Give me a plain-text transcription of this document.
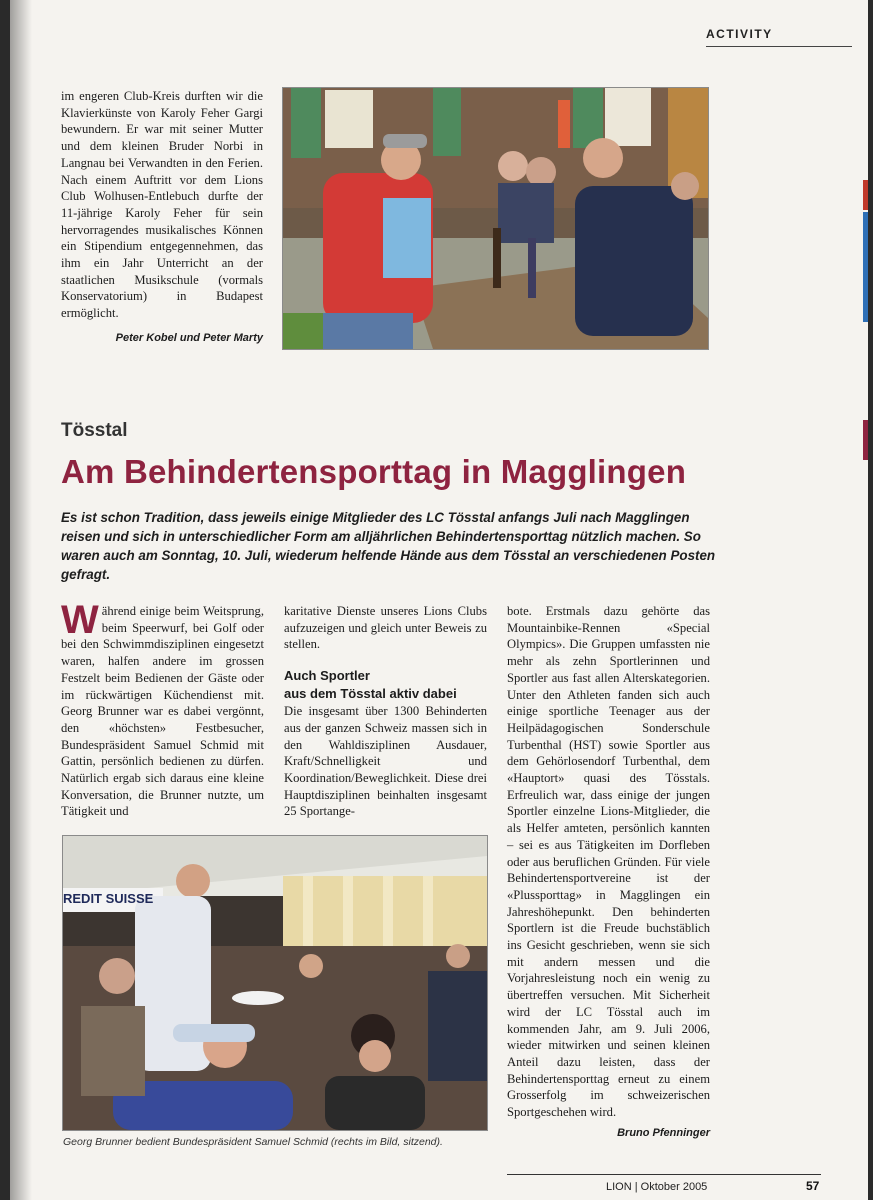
ACTIVITY

im engeren Club-Kreis durften wir die Klavierkünste von Karoly Feher Gargi bewundern. Er war mit seiner Mutter und dem kleinen Bruder Norbi in Langnau bei Verwandten in den Ferien. Nach einem Auftritt vor dem Lions Club Wolhusen-Entlebuch durfte der 11-jährige Karoly Feher für sein hervorragendes musikalisches Können ein Stipendium entgegennehmen, das ihm ein Jahr Unterricht an der staatlichen Musikschule (vormals Konservatorium) in Budapest ermöglicht.

Peter Kobel und Peter Marty
Tösstal
Am Behindertensporttag in Magglingen
Es ist schon Tradition, dass jeweils einige Mitglieder des LC Tösstal anfangs Juli nach Magglingen reisen und sich in unterschiedlicher Form am alljährlichen Behindertensporttag nützlich machen. So waren auch am Sonntag, 10. Juli, wiederum helfende Hände aus dem Tösstal an verschiedenen Posten gefragt.

Während einige beim Weitsprung, beim Speerwurf, bei Golf oder bei den Schwimmdisziplinen eingesetzt waren, halfen andere im grossen Festzelt beim Bedienen der Gäste oder im rückwärtigen Küchendienst mit. Georg Brunner war es dabei vergönnt, den «höchsten» Festbesucher, Bundespräsident Samuel Schmid mit Gattin, persönlich bedienen zu dürfen. Natürlich ergab sich daraus eine kleine Konversation, die Brunner nutzte, um Tätigkeit und

karitative Dienste unseres Lions Clubs aufzuzeigen und gleich unter Beweis zu stellen.

Auch Sportler
aus dem Tösstal aktiv dabei

Die insgesamt über 1300 Behinderten aus der ganzen Schweiz massen sich in den Wahldisziplinen Ausdauer, Kraft/Schnelligkeit und Koordination/Beweglichkeit. Diese drei Hauptdisziplinen beinhalten insgesamt 25 Sportange-

bote. Erstmals dazu gehörte das Mountainbike-Rennen «Special Olympics». Die Gruppen umfassten nie mehr als zehn Sportlerinnen und Sportler aus fast allen Alterskategorien. Unter den Athleten fanden sich auch einige sportliche Teenager aus der Heilpädagogischen Sonderschule Turbenthal (HST) sowie Sportler aus dem Gehörlosendorf Turbenthal, dem «Hauptort» quasi des Tösstals. Erfreulich war, dass einige der jungen Sportler einzelne Lions-Mitglieder, die als Helfer amteten, persönlich kannten – sei es aus Tätigkeiten im Dorfleben oder aus beruflichen Gründen. Für viele Behindertensportvereine ist der «Plussporttag» in Magglingen ein Jahreshöhepunkt. Den behinderten Sportlern ist die Freude buchstäblich ins Gesicht geschrieben, wenn sie sich mit andern messen und die Vorjahresleistung noch ein wenig zu übertreffen versuchen. Mit Sicherheit wird der LC Tösstal auch im kommenden Jahr, am 9. Juli 2006, wieder mitwirken und seinen kleinen Anteil dazu leisten, dass der Behindertensporttag erneut zu einem Grosserfolg im schweizerischen Sportgeschehen wird.

Bruno Pfenninger
REDIT SUISSE
Georg Brunner bedient Bundespräsident Samuel Schmid (rechts im Bild, sitzend).
LION | Oktober 2005	57
